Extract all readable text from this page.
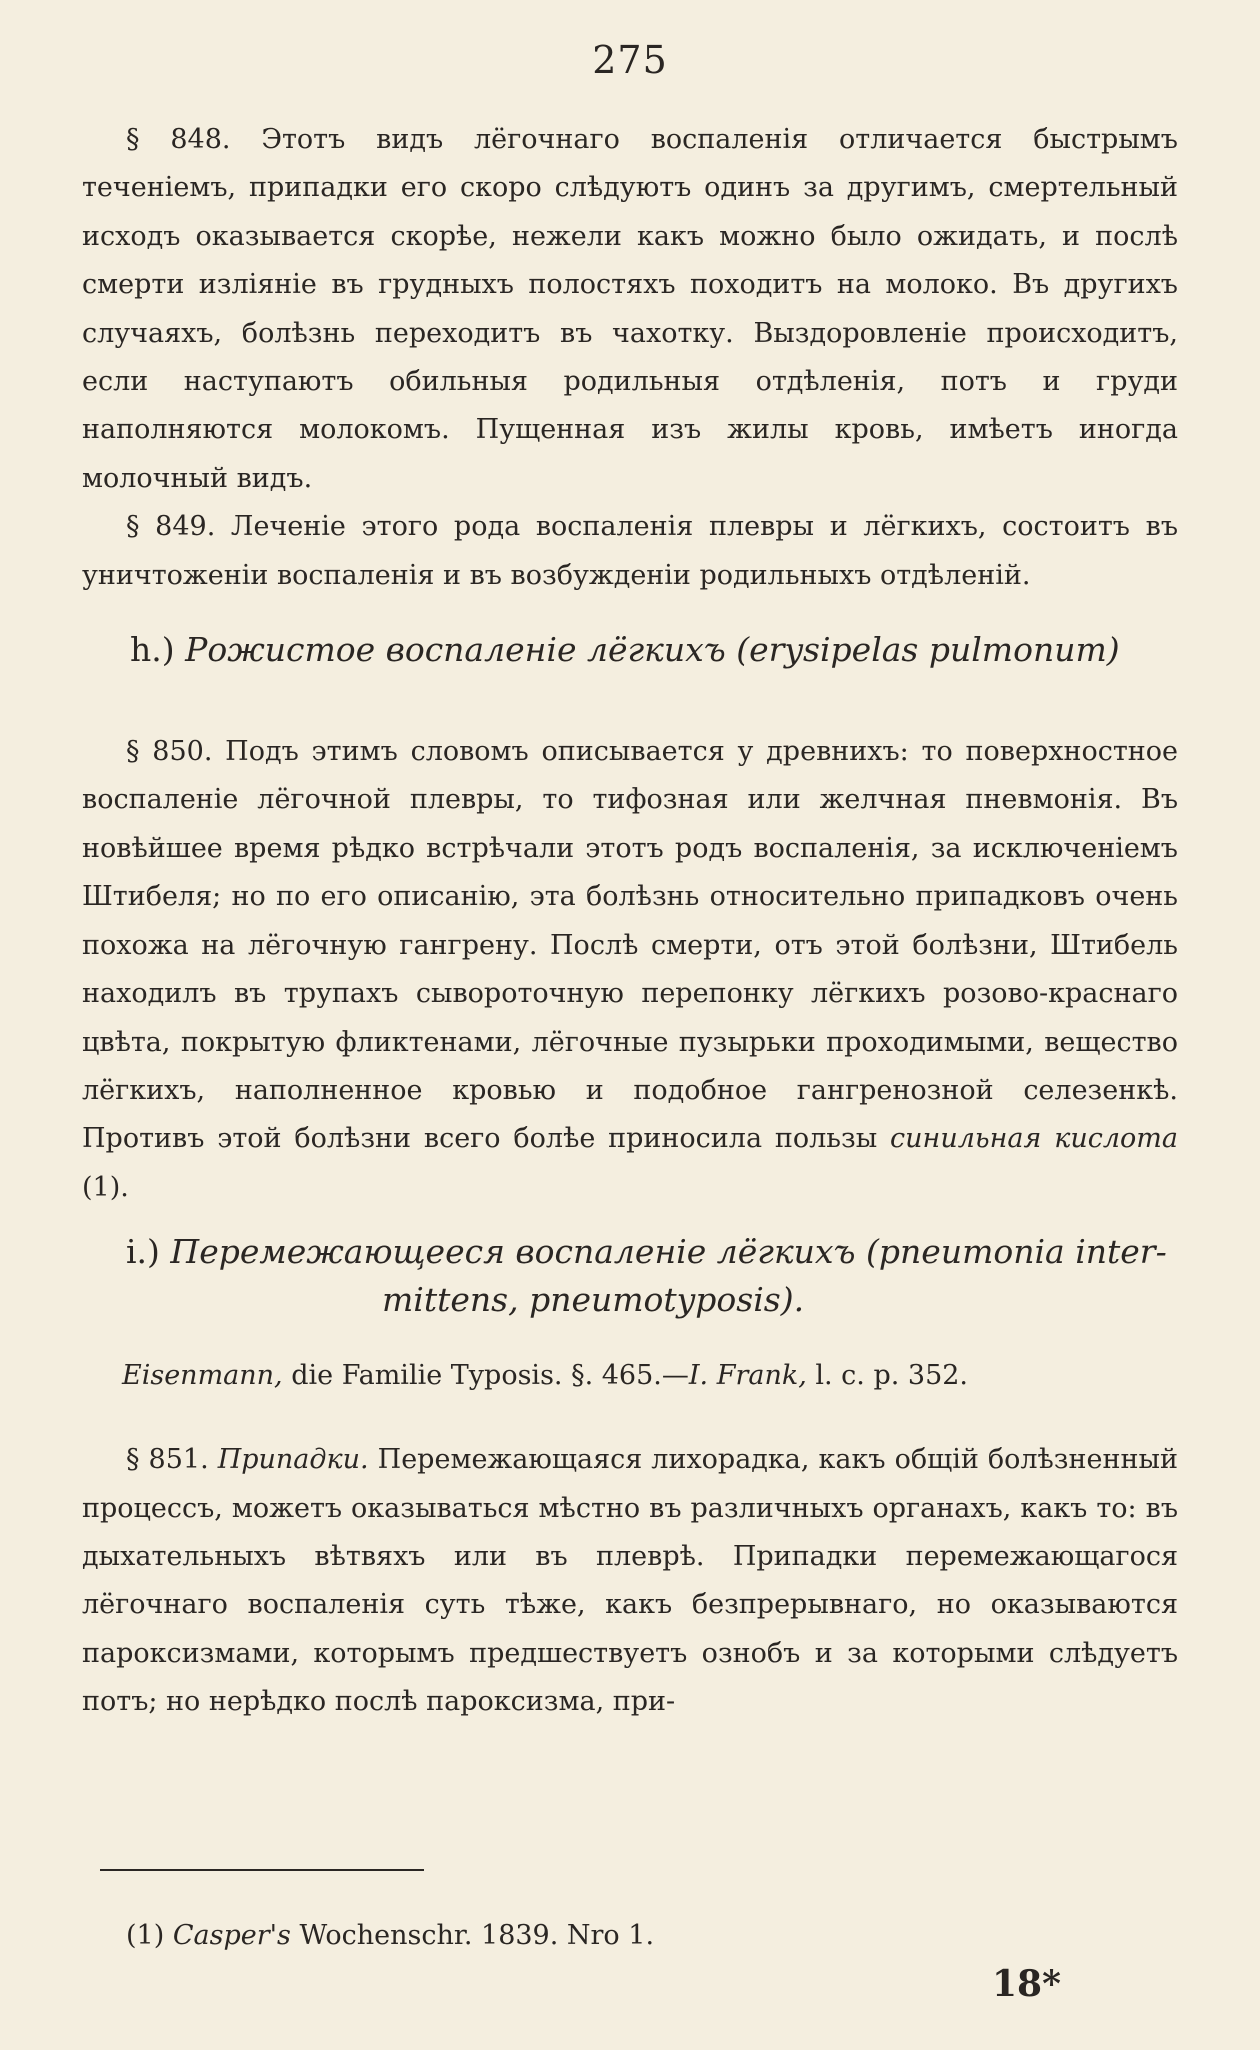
275

§ 848. Этотъ видъ лёгочнаго воспаленія отличается быстрымъ теченіемъ, припадки его скоро слѣдуютъ одинъ за другимъ, смертельный исходъ оказывается скорѣе, нежели какъ можно было ожидать, и послѣ смерти изліяніе въ грудныхъ полостяхъ походитъ на молоко. Въ другихъ случаяхъ, болѣзнь переходитъ въ чахотку. Выздоровленіе происходитъ, если наступаютъ обильныя родильныя отдѣленія, потъ и груди наполняются молокомъ. Пущенная изъ жилы кровь, имѣетъ иногда молочный видъ.

§ 849. Леченіе этого рода воспаленія плевры и лёгкихъ, состоитъ въ уничтоженіи воспаленія и въ возбужденіи родильныхъ отдѣленій.

h.) Рожистое воспаленіе лёгкихъ (erysipelas pulmonum)

§ 850. Подъ этимъ словомъ описывается у древнихъ: то поверхностное воспаленіе лёгочной плевры, то тифозная или желчная пневмонія. Въ новѣйшее время рѣдко встрѣчали этотъ родъ воспаленія, за исключеніемъ Штибеля; но по его описанію, эта болѣзнь относительно припадковъ очень похожа на лёгочную гангрену. Послѣ смерти, отъ этой болѣзни, Штибель находилъ въ трупахъ сывороточную перепонку лёгкихъ розово-краснаго цвѣта, покрытую фликтенами, лёгочные пузырьки проходимыми, вещество лёгкихъ, наполненное кровью и подобное гангренозной селезенкѣ. Противъ этой болѣзни всего болѣе приносила пользы синильная кислота (1).

i.) Перемежающееся воспаленіе лёгкихъ (pneumonia inter-
mittens, pneumotyposis).

Eisenmann, die Familie Typosis. §. 465.—I. Frank, l. c. p. 352.

§ 851. Припадки. Перемежающаяся лихорадка, какъ общій болѣзненный процессъ, можетъ оказываться мѣстно въ различныхъ органахъ, какъ то: въ дыхательныхъ вѣтвяхъ или въ плеврѣ. Припадки перемежающагося лёгочнаго воспаленія суть тѣже, какъ безпрерывнаго, но оказываются пароксизмами, которымъ предшествуетъ ознобъ и за которыми слѣдуетъ потъ; но нерѣдко послѣ пароксизма, при-

(1) Casper's Wochenschr. 1839. Nro 1.
18*
